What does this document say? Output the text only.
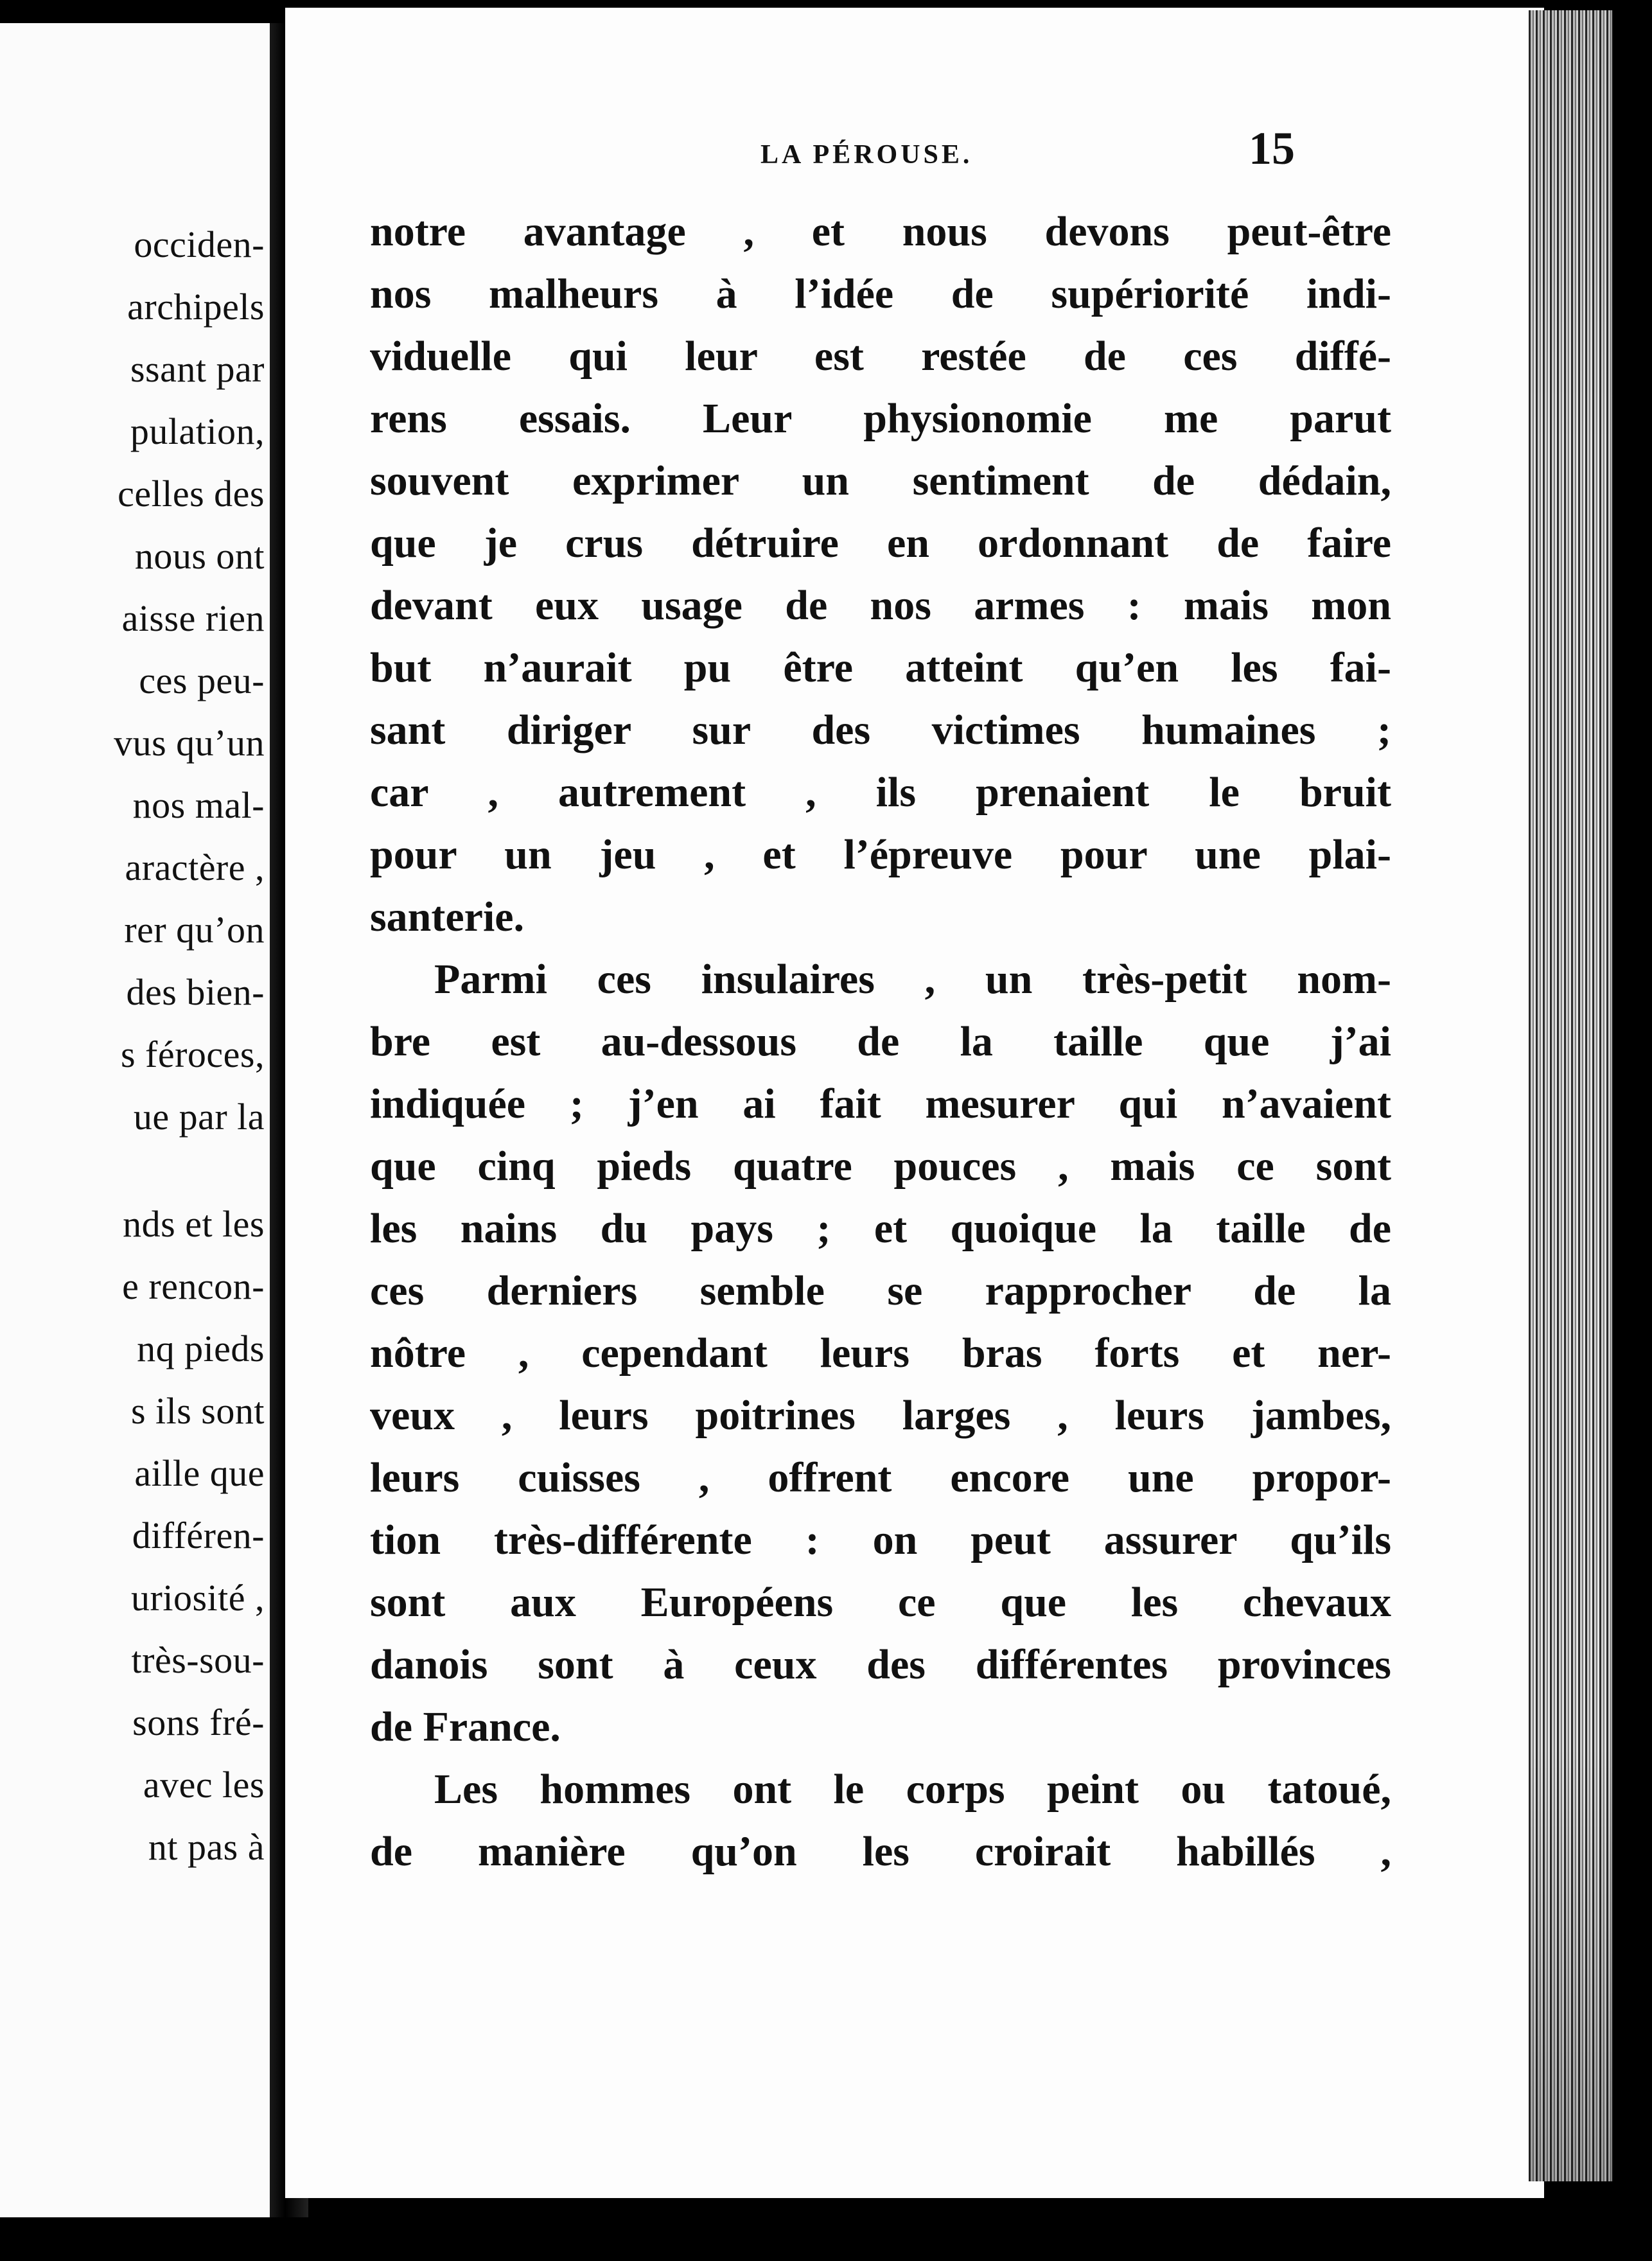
occiden-
archipels
ssant par
pulation,
celles des
nous ont
aisse rien
ces peu-
vus qu’un
nos mal-
aractère ,
rer qu’on
des bien-
s féroces,
ue par la
nds et les
e rencon-
nq pieds
s ils sont
aille que
différen-
uriosité ,
très-sou-
sons fré-
avec les
nt pas à
LA PÉROUSE.	15
notre avantage , et nous devons peut-être
nos malheurs à l’idée de supériorité indi-
viduelle qui leur est restée de ces diffé-
rens essais. Leur physionomie me parut
souvent exprimer un sentiment de dédain,
que je crus détruire en ordonnant de faire
devant eux usage de nos armes : mais mon
but n’aurait pu être atteint qu’en les fai-
sant diriger sur des victimes humaines ;
car , autrement , ils prenaient le bruit
pour un jeu , et l’épreuve pour une plai-
santerie.
Parmi ces insulaires , un très-petit nom-
bre est au-dessous de la taille que j’ai
indiquée ; j’en ai fait mesurer qui n’avaient
que cinq pieds quatre pouces , mais ce sont
les nains du pays ; et quoique la taille de
ces derniers semble se rapprocher de la
nôtre , cependant leurs bras forts et ner-
veux , leurs poitrines larges , leurs jambes,
leurs cuisses , offrent encore une propor-
tion très-différente : on peut assurer qu’ils
sont aux Européens ce que les chevaux
danois sont à ceux des différentes provinces
de France.
Les hommes ont le corps peint ou tatoué,
de manière qu’on les croirait habillés ,
